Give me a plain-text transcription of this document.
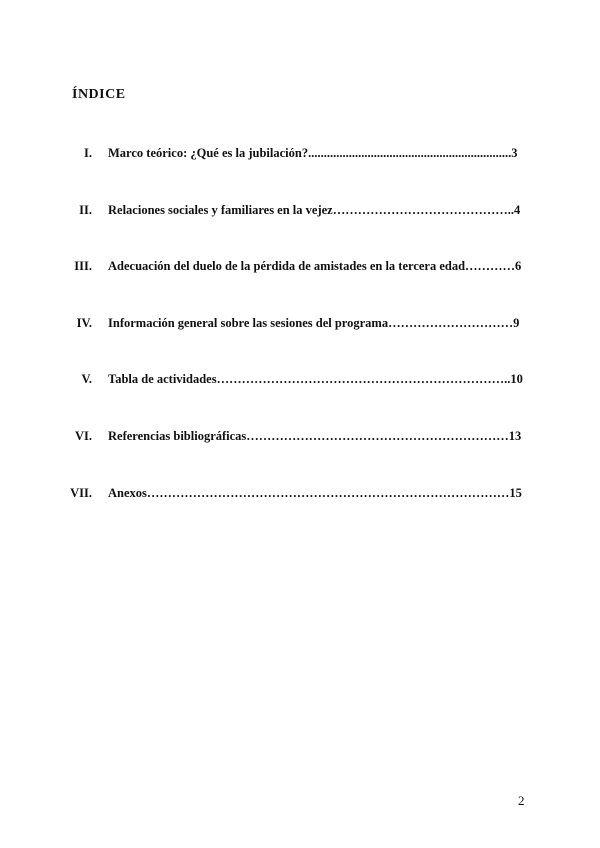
ÍNDICE
I. Marco teórico: ¿Qué es la jubilación?.................................................................3
II. Relaciones sociales y familiares en la vejez……………………………………..4
III. Adecuación del duelo de la pérdida de amistades en la tercera edad…………6
IV. Información general sobre las sesiones del programa…………………………9
V. Tabla de actividades……………………………………………………………..10
VI. Referencias bibliográficas………………………………………………………13
VII. Anexos……………………………………………………………………………15
2
